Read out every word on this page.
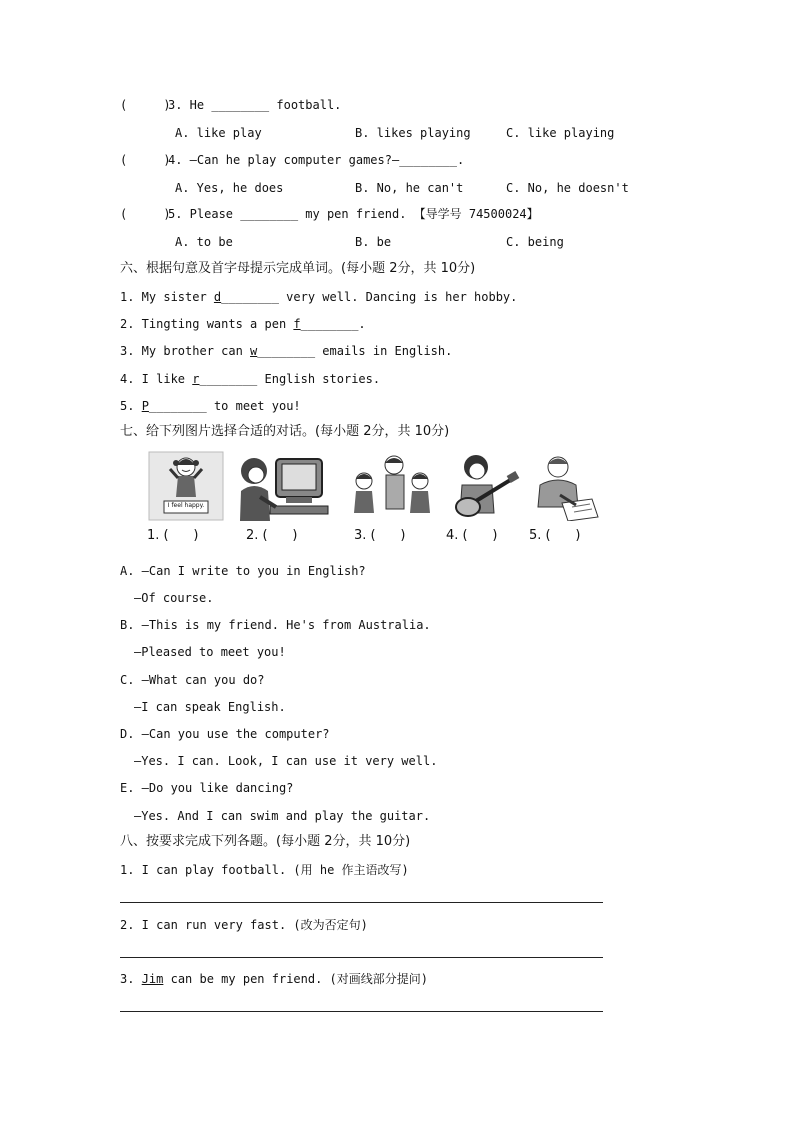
(     )
3. He ________ football.
A. like play	B. likes playing	C. like playing
(     )
4. —Can he play computer games?—________.
A. Yes, he does	B. No, he can't	C. No, he doesn't
(     )
5. Please ________ my pen friend. 【导学号 74500024】
A. to be	B. be	C. being
六、根据句意及首字母提示完成单词。(每小题 2分，共 10分)
1. My sister d________ very well. Dancing is her hobby.
2. Tingting wants a pen f________.
3. My brother can w________ emails in English.
4. I like r________ English stories.
5. P________ to meet you!
七、给下列图片选择合适的对话。(每小题 2分，共 10分)
I feel happy.
1. (      )	2. (      )	3. (      )	4. (      ) 5. (      )
A. —Can I write to you in English?
—Of course.
B. —This is my friend. He's from Australia.
—Pleased to meet you!
C. —What can you do?
—I can speak English.
D. —Can you use the computer?
—Yes. I can. Look, I can use it very well.
E. —Do you like dancing?
—Yes. And I can swim and play the guitar.
八、按要求完成下列各题。(每小题 2分，共 10分)
1. I can play football. (用 he 作主语改写)
2. I can run very fast. (改为否定句)
3. Jim can be my pen friend. (对画线部分提问)
